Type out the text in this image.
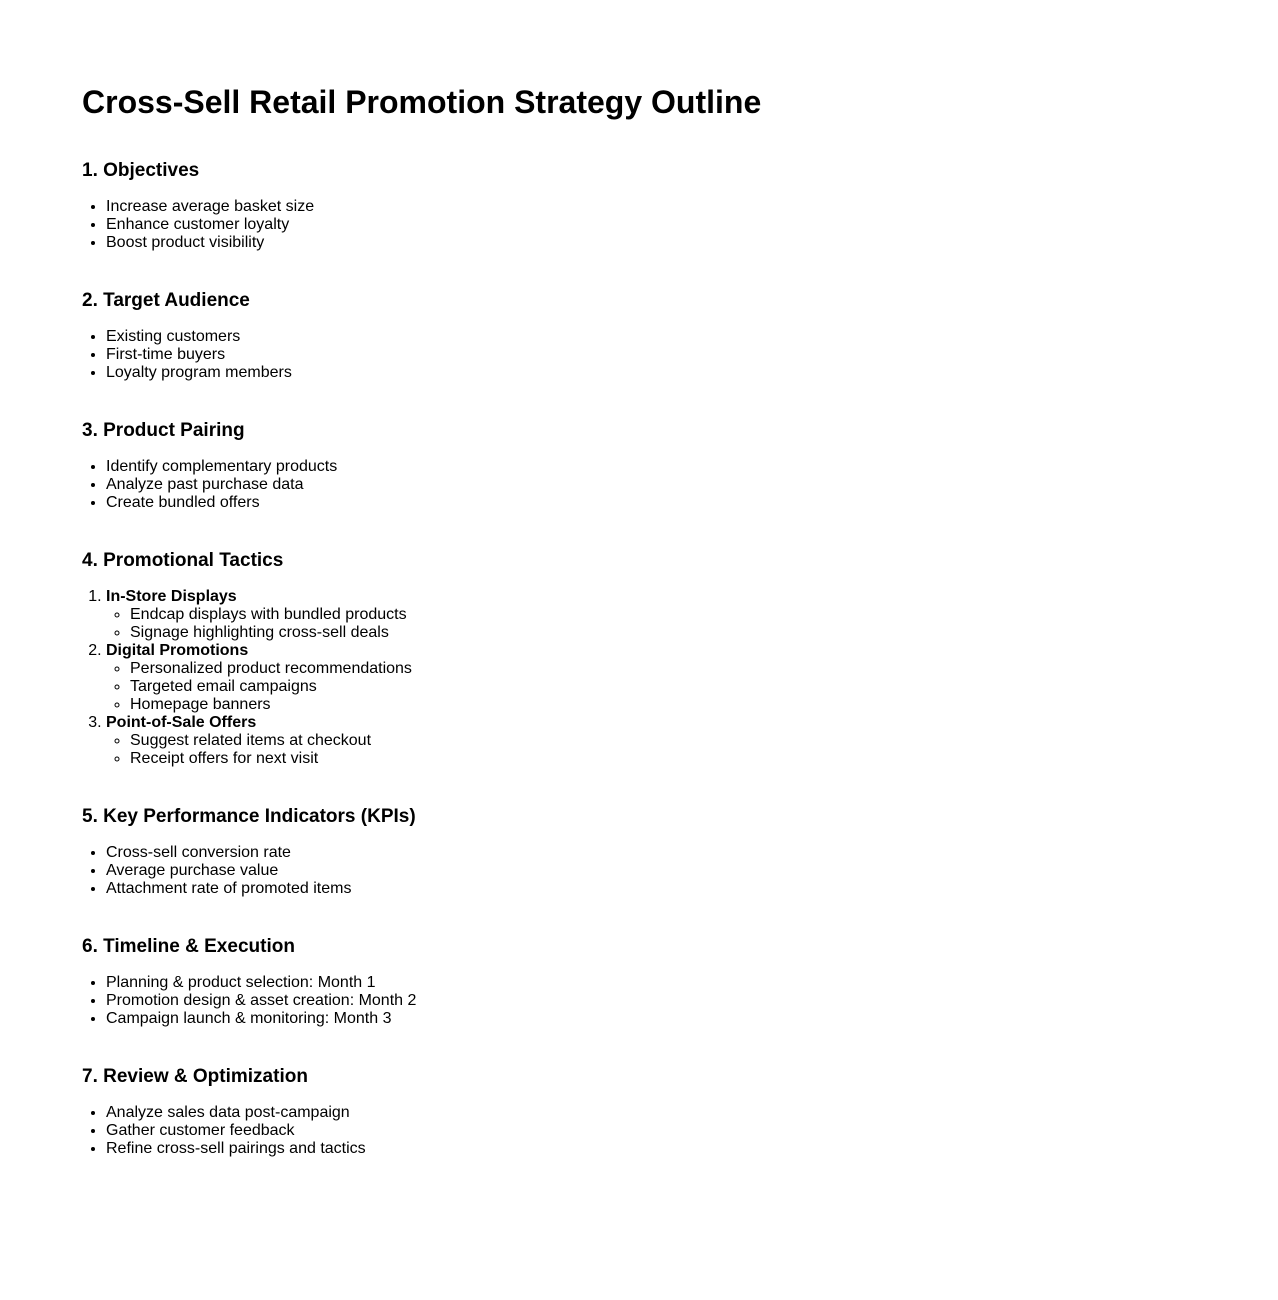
Cross-Sell Retail Promotion Strategy Outline
1. Objectives
• Increase average basket size
• Enhance customer loyalty
• Boost product visibility
2. Target Audience
• Existing customers
• First-time buyers
• Loyalty program members
3. Product Pairing
• Identify complementary products
• Analyze past purchase data
• Create bundled offers
4. Promotional Tactics
1. In-Store Displays
◦ Endcap displays with bundled products
◦ Signage highlighting cross-sell deals
2. Digital Promotions
◦ Personalized product recommendations
◦ Targeted email campaigns
◦ Homepage banners
3. Point-of-Sale Offers
◦ Suggest related items at checkout
◦ Receipt offers for next visit
5. Key Performance Indicators (KPIs)
• Cross-sell conversion rate
• Average purchase value
• Attachment rate of promoted items
6. Timeline & Execution
• Planning & product selection: Month 1
• Promotion design & asset creation: Month 2
• Campaign launch & monitoring: Month 3
7. Review & Optimization
• Analyze sales data post-campaign
• Gather customer feedback
• Refine cross-sell pairings and tactics
